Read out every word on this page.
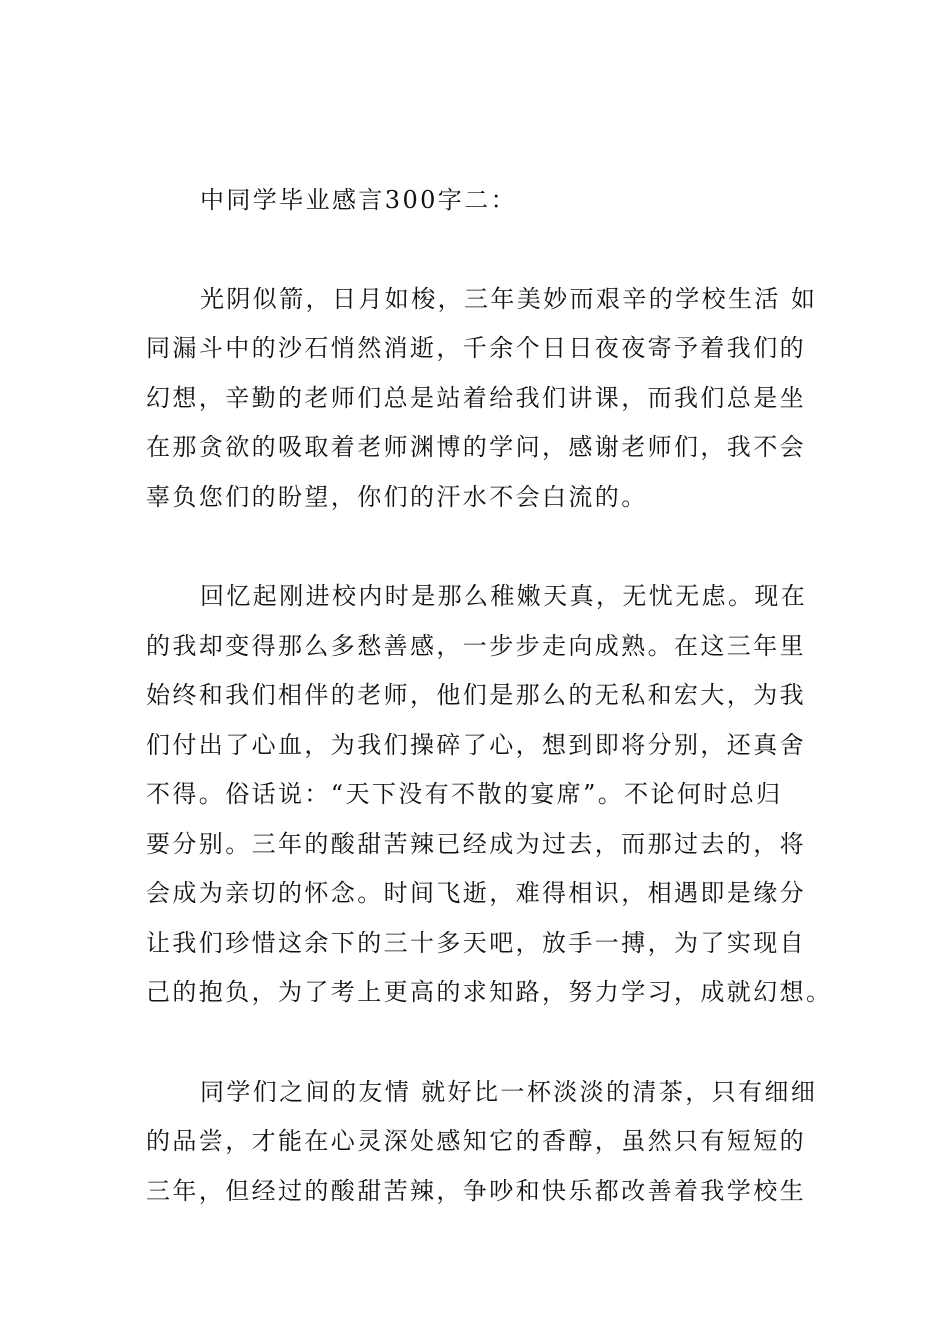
中同学毕业感言300字二：
光阴似箭，日月如梭，三年美妙而艰辛的学校生活 如
同漏斗中的沙石悄然消逝，千余个日日夜夜寄予着我们的
幻想，辛勤的老师们总是站着给我们讲课，而我们总是坐
在那贪欲的吸取着老师渊博的学问，感谢老师们，我不会
辜负您们的盼望，你们的汗水不会白流的。
回忆起刚进校内时是那么稚嫩天真，无忧无虑。现在
的我却变得那么多愁善感，一步步走向成熟。在这三年里
始终和我们相伴的老师，他们是那么的无私和宏大，为我
们付出了心血，为我们操碎了心，想到即将分别，还真舍
不得。俗话说：“天下没有不散的宴席”。不论何时总归
要分别。三年的酸甜苦辣已经成为过去，而那过去的，将
会成为亲切的怀念。时间飞逝，难得相识，相遇即是缘分
让我们珍惜这余下的三十多天吧，放手一搏，为了实现自
己的抱负，为了考上更高的求知路，努力学习，成就幻想。
同学们之间的友情 就好比一杯淡淡的清茶，只有细细
的品尝，才能在心灵深处感知它的香醇，虽然只有短短的
三年，但经过的酸甜苦辣，争吵和快乐都改善着我学校生
